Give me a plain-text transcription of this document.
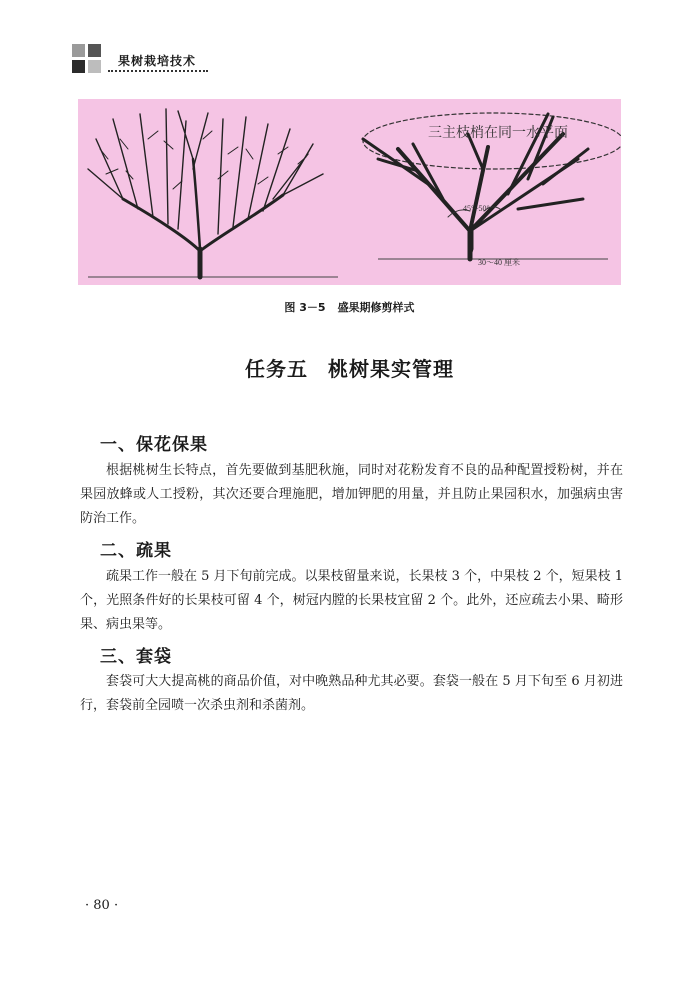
果树栽培技术
三主枝梢在同一水平面
45°~50°
30～40 厘米
图 3－5 盛果期修剪样式
任务五 桃树果实管理
一、保花保果
根据桃树生长特点，首先要做到基肥秋施，同时对花粉发育不良的品种配置授粉树，并在果园放蜂或人工授粉，其次还要合理施肥，增加钾肥的用量，并且防止果园积水，加强病虫害防治工作。
二、疏果
疏果工作一般在 5 月下旬前完成。以果枝留量来说，长果枝 3 个，中果枝 2 个，短果枝 1 个，光照条件好的长果枝可留 4 个，树冠内膛的长果枝宜留 2 个。此外，还应疏去小果、畸形果、病虫果等。
三、套袋
套袋可大大提高桃的商品价值，对中晚熟品种尤其必要。套袋一般在 5 月下旬至 6 月初进行，套袋前全园喷一次杀虫剂和杀菌剂。
· 80 ·
